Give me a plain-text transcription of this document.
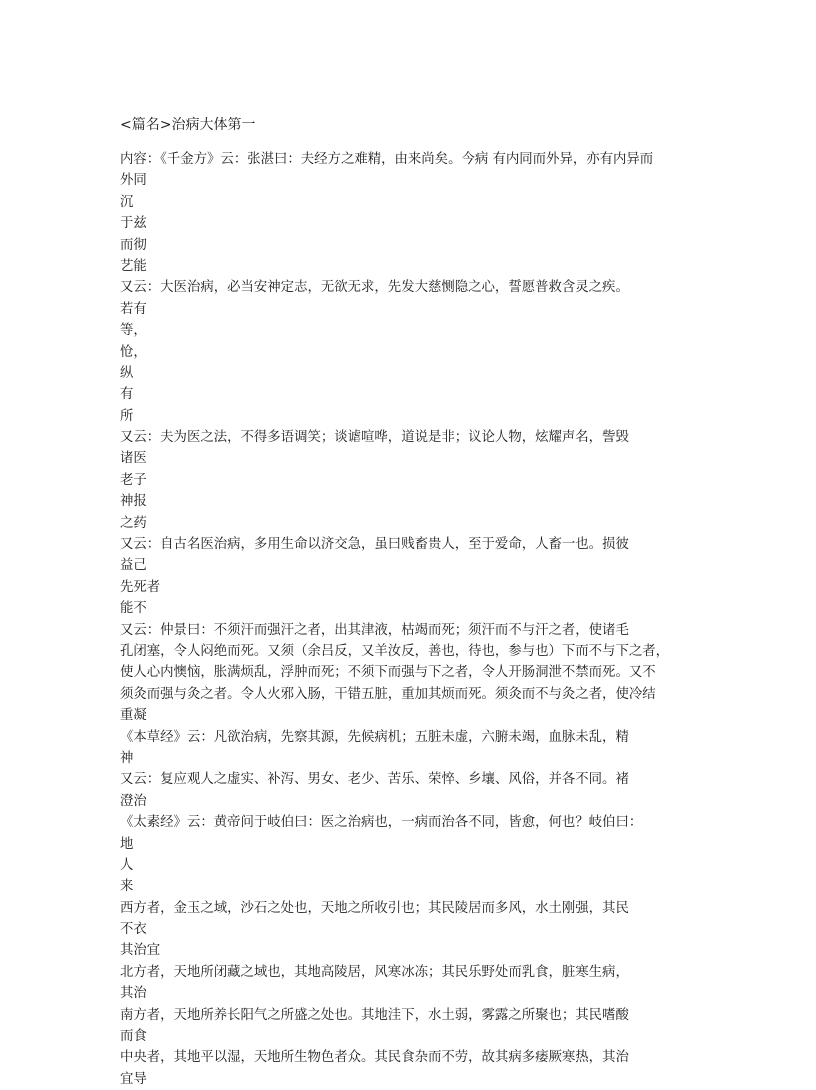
<篇名>治病大体第一
内容：《千金方》云：张湛曰：夫经方之难精，由来尚矣。今病 有内同而外异，亦有内异而
外同
沉
于兹
而彻
艺能
又云：大医治病，必当安神定志，无欲无求，先发大慈恻隐之心，誓愿普救含灵之疾。
若有
等，
怆，
纵
有
所
又云：夫为医之法，不得多语调笑；谈谑喧哗，道说是非；议论人物，炫耀声名，訾毁
诸医
老子
神报
之药
又云：自古名医治病，多用生命以济交急，虽曰贱畜贵人，至于爱命，人畜一也。损彼
益己
先死者
能不
又云：仲景曰：不须汗而强汗之者，出其津液，枯竭而死；须汗而不与汗之者，使诸毛
孔闭塞，令人闷绝而死。又须（余吕反，又羊汝反，善也，待也，参与也）下而不与下之者，
使人心内懊恼，胀满烦乱，浮肿而死；不须下而强与下之者，令人开肠洞泄不禁而死。又不
须灸而强与灸之者。令人火邪入肠，干错五脏，重加其烦而死。须灸而不与灸之者，使冷结
重凝
《本草经》云：凡欲治病，先察其源，先候病机；五脏未虚，六腑未竭，血脉未乱，精
神
又云：复应观人之虚实、补泻、男女、老少、苦乐、荣悴、乡壤、风俗，并各不同。褚
澄治
《太素经》云：黄帝问于岐伯曰：医之治病也，一病而治各不同，皆愈，何也？岐伯曰：
地
人
来
西方者，金玉之域，沙石之处也，天地之所收引也；其民陵居而多风，水土刚强，其民
不衣
其治宜
北方者，天地所闭藏之域也，其地高陵居，风寒冰冻；其民乐野处而乳食，脏寒生病，
其治
南方者，天地所养长阳气之所盛之处也。其地洼下，水土弱，雾露之所聚也；其民嗜酸
而食
中央者，其地平以湿，天地所生物色者众。其民食杂而不劳，故其病多痿厥寒热，其治
宜导
